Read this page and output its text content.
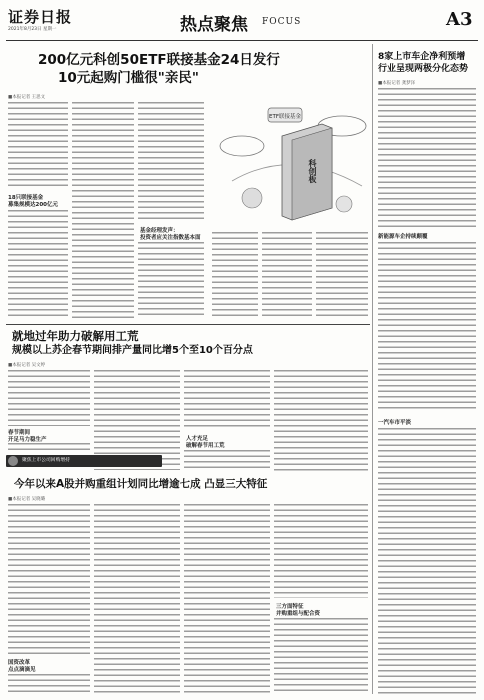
证券日报
2021年8月23日 星期一	热点聚焦 FOCUS	A3
200亿元科创50ETF联接基金24日发行
10元起购门槛很"亲民"
■本报记者 王思文
18只联接基金
募集规模达200亿元
基金经理发声：
投资者应关注指数基本面
ETF联接基金
科创板
8家上市车企净利预增
行业呈现两极分化态势
■本报记者 龚梦泽
新能源车企持续颠覆
一汽车市平淡
就地过年助力破解用工荒
规模以上苏企春节期间排产量同比增5个至10个百分点
■本报记者 吴文婷
春节期间
开足马力稳生产	人才充足
破解春节用工荒
聚焦上市公司回购增持
今年以来A股并购重组计划同比增逾七成 凸显三大特征
■本报记者 吴晓璐
国资改革
点点滴滴见
三方面特征
并购重组与配合资
